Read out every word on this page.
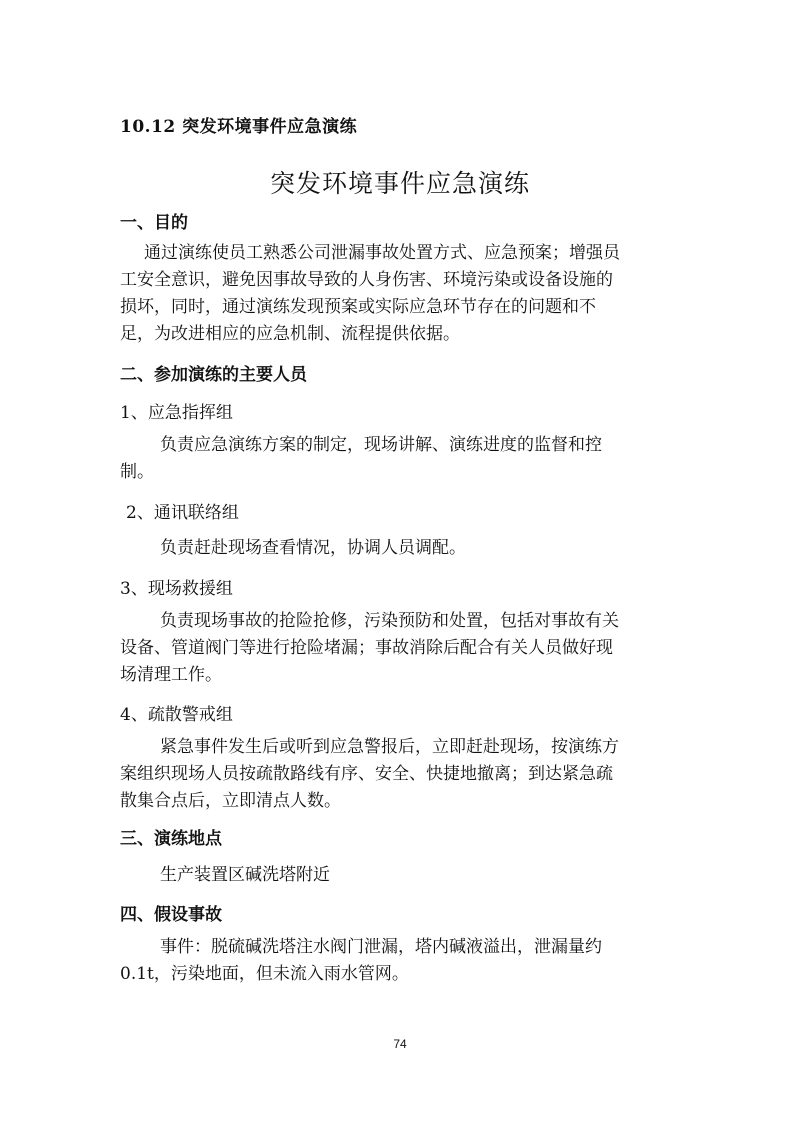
10.12 突发环境事件应急演练
突发环境事件应急演练
一、目的
通过演练使员工熟悉公司泄漏事故处置方式、应急预案；增强员
工安全意识，避免因事故导致的人身伤害、环境污染或设备设施的
损坏，同时，通过演练发现预案或实际应急环节存在的问题和不
足，为改进相应的应急机制、流程提供依据。
二、参加演练的主要人员
1、应急指挥组
负责应急演练方案的制定，现场讲解、演练进度的监督和控
制。
2、通讯联络组
负责赶赴现场查看情况，协调人员调配。
3、现场救援组
负责现场事故的抢险抢修，污染预防和处置，包括对事故有关
设备、管道阀门等进行抢险堵漏；事故消除后配合有关人员做好现
场清理工作。
4、疏散警戒组
紧急事件发生后或听到应急警报后，立即赶赴现场，按演练方
案组织现场人员按疏散路线有序、安全、快捷地撤离；到达紧急疏
散集合点后，立即清点人数。
三、演练地点
生产装置区碱洗塔附近
四、假设事故
事件：脱硫碱洗塔注水阀门泄漏，塔内碱液溢出，泄漏量约
0.1t，污染地面，但未流入雨水管网。
74
